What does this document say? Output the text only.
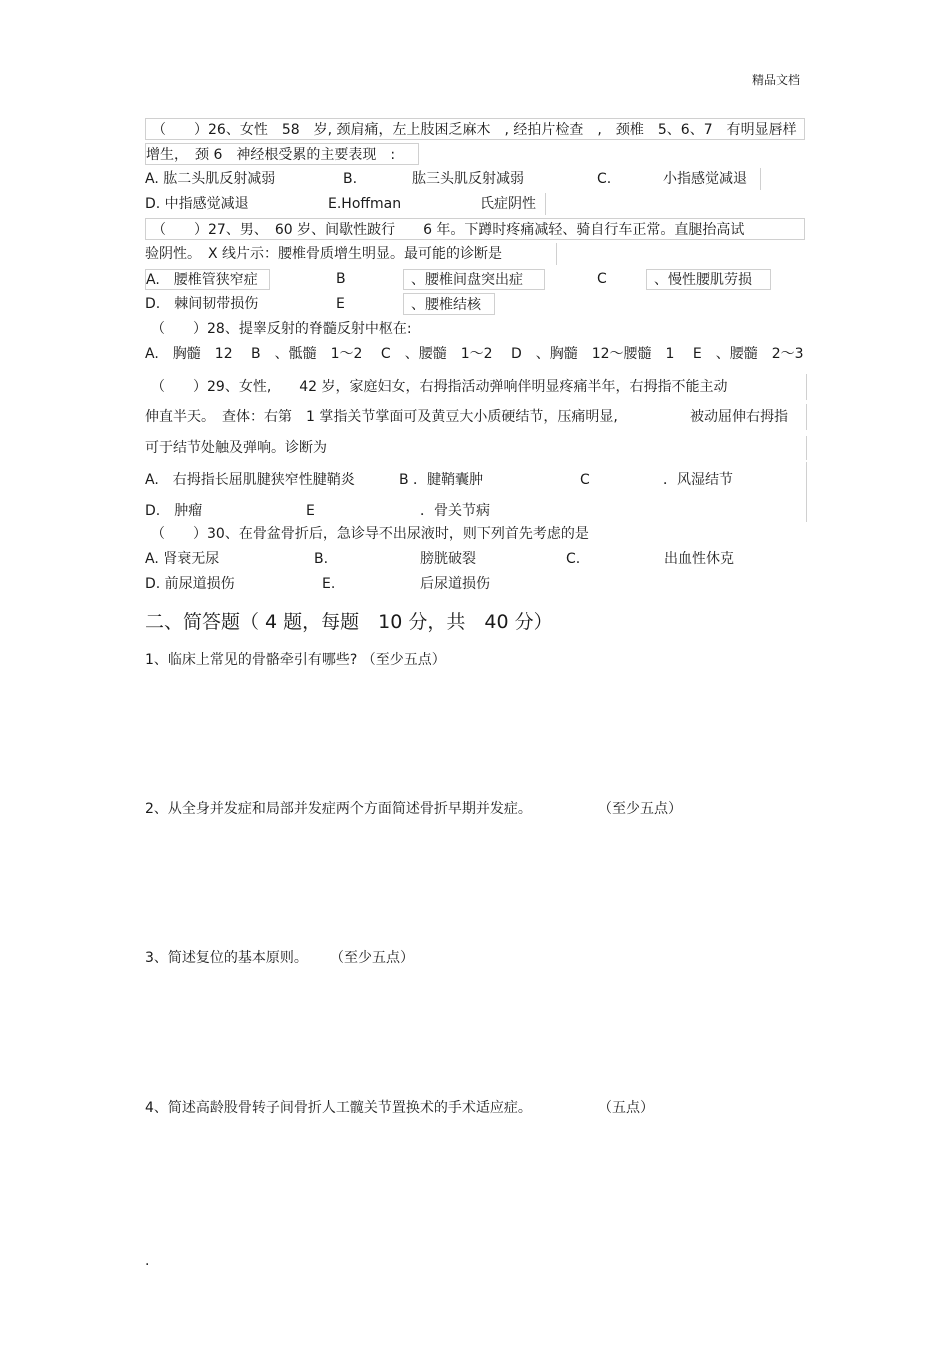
精品文档
（　　）26、女性　58　岁, 颈肩痛，左上肢困乏麻木　, 经拍片检查　,　颈椎　5、6、7　有明显唇样
增生，　颈 6　神经根受累的主要表现　:
A. 肱二头肌反射减弱	B.	肱三头肌反射减弱	C.	小指感觉减退
D. 中指感觉减退	E.Hoffman	氏症阴性
（　　）27、男、　60 岁、间歇性跛行　　6 年。下蹲时疼痛减轻、骑自行车正常。直腿抬高试
验阴性。　X 线片示：腰椎骨质增生明显。最可能的诊断是
A.　腰椎管狭窄症	B	、腰椎间盘突出症	C	、慢性腰肌劳损
D.　棘间韧带损伤	E	、腰椎结核
（　　）28、提睾反射的脊髓反射中枢在:
A.　胸髓　12　 B　、骶髓　1～2　 C　、腰髓　1～2　 D　、胸髓　12～腰髓　1　 E　、腰髓　2～3
（　　）29、女性,　　42 岁，家庭妇女，右拇指活动弹响伴明显疼痛半年，右拇指不能主动
伸直半天。　查体：右第　1 掌指关节掌面可及黄豆大小质硬结节，压痛明显,	被动屈伸右拇指
可于结节处触及弹响。诊断为
A.　右拇指长屈肌腱狭窄性腱鞘炎	B ．腱鞘囊肿	C	．风湿结节
D.　肿瘤	E	．骨关节病
（　　）30、在骨盆骨折后，急诊导不出尿液时，则下列首先考虑的是
A. 肾衰无尿	B.	膀胱破裂	C.	出血性休克
D. 前尿道损伤	E.	后尿道损伤
二、简答题（ 4 题，每题　10 分，共　40 分）
1、临床上常见的骨骼牵引有哪些? （至少五点）
2、从全身并发症和局部并发症两个方面简述骨折早期并发症。	（至少五点）
3、简述复位的基本原则。 （至少五点）
4、简述高龄股骨转子间骨折人工髋关节置换术的手术适应症。	（五点）
.
